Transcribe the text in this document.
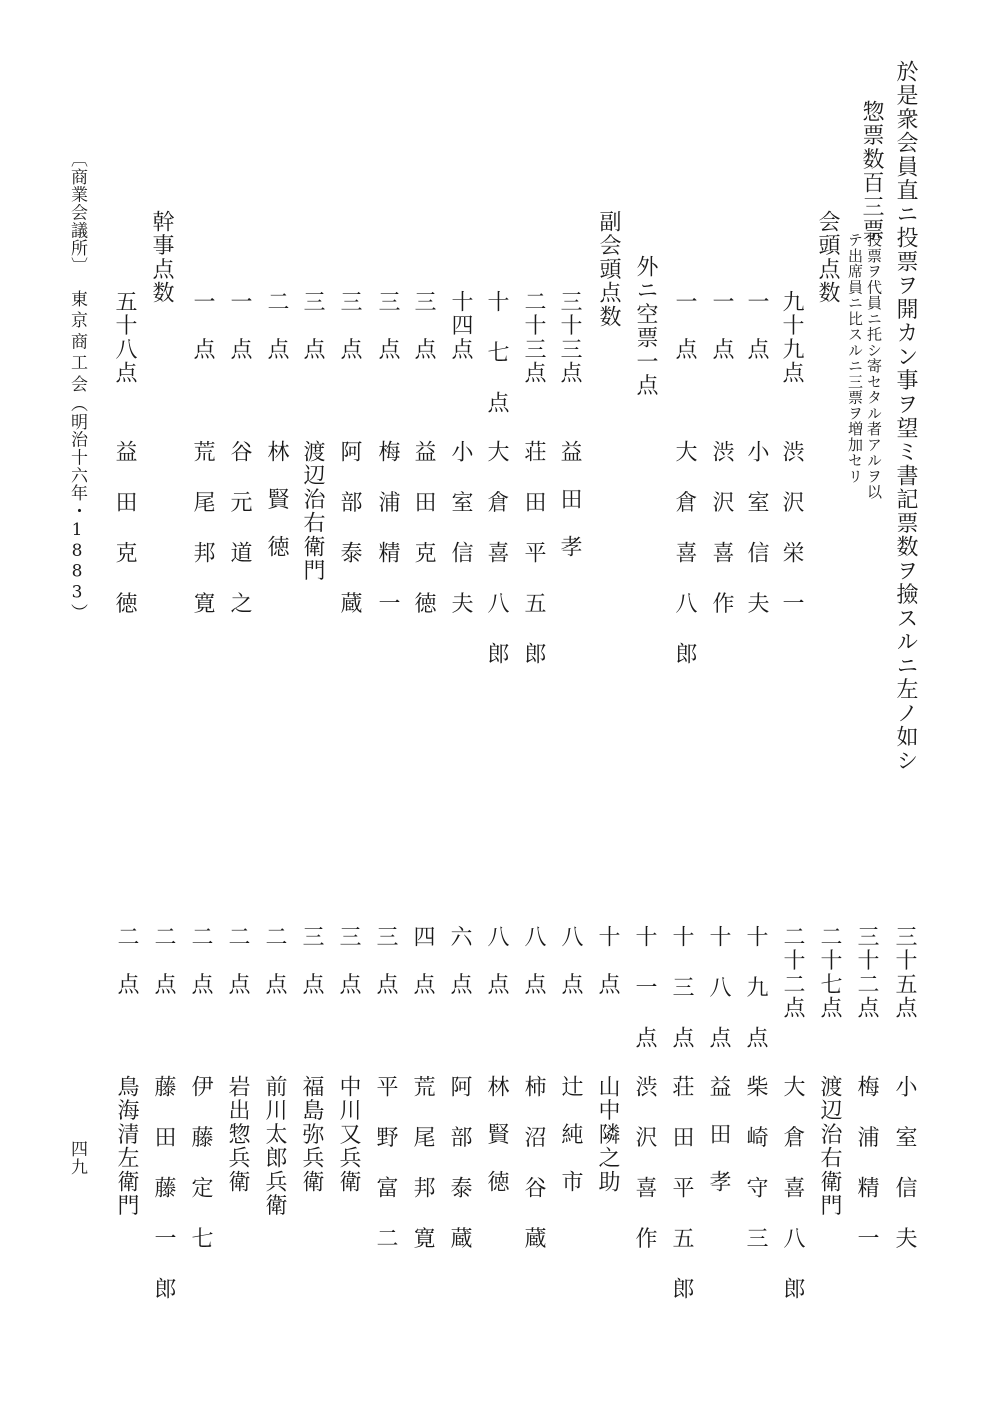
於是衆会員直ニ投票ヲ開カン事ヲ望ミ書記票数ヲ撿スルニ左ノ如シ
惣票数百三票
投票ヲ代員ニ托シ寄セタル者アルヲ以
テ出席員ニ比スルニ三票ヲ増加セリ
会頭点数
九十九点
渋 沢 栄 一
一　点
小 室 信 夫
一　点
渋 沢 喜 作
一　点
大 倉 喜 八 郎
外ニ空票一点
副会頭点数
三十三点
益　田　孝
二十三点
荘 田 平 五 郎
十 七 点
大 倉 喜 八 郎
十四点
小 室 信 夫
三　点
益 田 克 徳
三　点
梅 浦 精 一
三　点
阿 部 泰 蔵
三　点
渡辺治右衛門
二　点
林　賢　徳
一　点
谷 元 道 之
一　点
荒 尾 邦 寛
幹事点数
五十八点
益 田 克 徳
三十五点
小 室 信 夫
三十二点
梅 浦 精 一
二十七点
渡辺治右衛門
二十二点
大 倉 喜 八 郎
十 九 点
柴 崎 守 三
十 八 点
益　田　孝
十 三 点
荘 田 平 五 郎
十 一 点
渋 沢 喜 作
十　点
山中隣之助
八　点
辻　純　市
八　点
柿 沼 谷 蔵
八　点
林　賢　徳
六　点
阿 部 泰 蔵
四　点
荒 尾 邦 寛
三　点
平 野 富 二
三　点
中川又兵衛
三　点
福島弥兵衛
二　点
前川太郎兵衛
二　点
岩出惣兵衛
二　点
伊 藤 定 七
二　点
藤 田 藤 一 郎
二　点
鳥海清左衛門
〔商業会議所〕
東京商工会
（明治十六年・1883）
四九
